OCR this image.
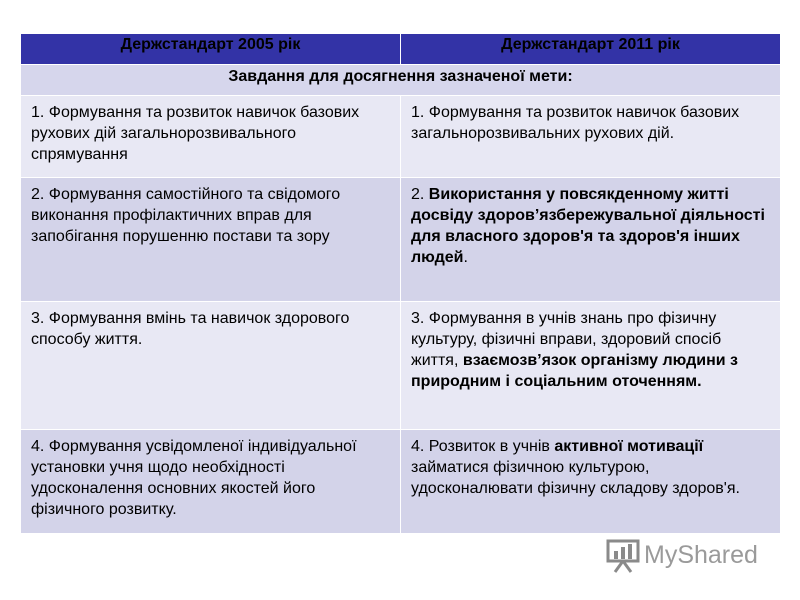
Держстандарт 2005 рік	Держстандарт 2011 рік
Завдання для досягнення зазначеної мети:	
1. Формування та розвиток навичок базових рухових дій загальнорозвивального спрямування	1. Формування та розвиток навичок базових загальнорозвивальних рухових дій.
2. Формування самостійного та свідомого виконання профілактичних вправ для запобігання порушенню постави та зору	2. Використання у повсякденному житті досвіду здоров’язбережувальної діяльності для власного здоров'я та здоров'я інших людей.
3. Формування вмінь та навичок здорового способу життя.	3. Формування в учнів знань про фізичну культуру, фізичні вправи, здоровий спосіб життя, взаємозв’язок організму людини з природним і соціальним оточенням.
4. Формування усвідомленої індивідуальної установки учня щодо необхідності удосконалення основних якостей його фізичного розвитку.	4. Розвиток в учнів активної мотивації займатися фізичною культурою, удосконалювати фізичну складову здоров'я.
MyShared
